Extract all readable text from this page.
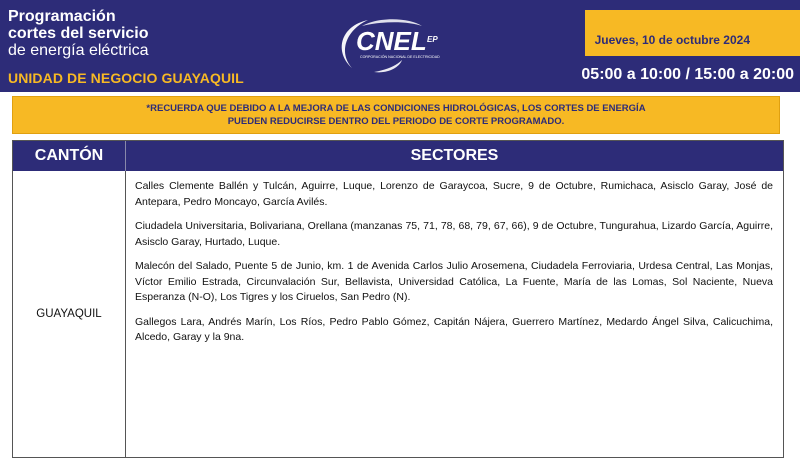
Programación
cortes del servicio
de energía eléctrica
UNIDAD DE NEGOCIO GUAYAQUIL
CNEL EP
CORPORACIÓN NACIONAL DE ELECTRICIDAD
Jueves, 10 de octubre 2024
05:00 a 10:00 / 15:00 a 20:00
*RECUERDA QUE DEBIDO A LA MEJORA DE LAS CONDICIONES HIDROLÓGICAS, LOS CORTES DE ENERGÍA
PUEDEN REDUCIRSE DENTRO DEL PERIODO DE CORTE PROGRAMADO.
CANTÓN	SECTORES
GUAYAQUIL

Calles Clemente Ballén y Tulcán, Aguirre, Luque, Lorenzo de Garaycoa, Sucre, 9 de Octubre, Rumichaca, Asisclo Garay, José de Antepara, Pedro Moncayo, García Avilés.

Ciudadela Universitaria, Bolivariana, Orellana (manzanas 75, 71, 78, 68, 79, 67, 66), 9 de Octubre, Tungurahua, Lizardo García, Aguirre, Asisclo Garay, Hurtado, Luque.

Malecón del Salado, Puente 5 de Junio, km. 1 de Avenida Carlos Julio Arosemena, Ciudadela Ferroviaria, Urdesa Central, Las Monjas, Víctor Emilio Estrada, Circunvalación Sur, Bellavista, Universidad Católica, La Fuente, María de las Lomas, Sol Naciente, Nueva Esperanza (N-O), Los Tigres y los Ciruelos, San Pedro (N).

Gallegos Lara, Andrés Marín, Los Ríos, Pedro Pablo Gómez, Capitán Nájera, Guerrero Martínez, Medardo Ángel Silva, Calicuchima, Alcedo, Garay y la 9na.
